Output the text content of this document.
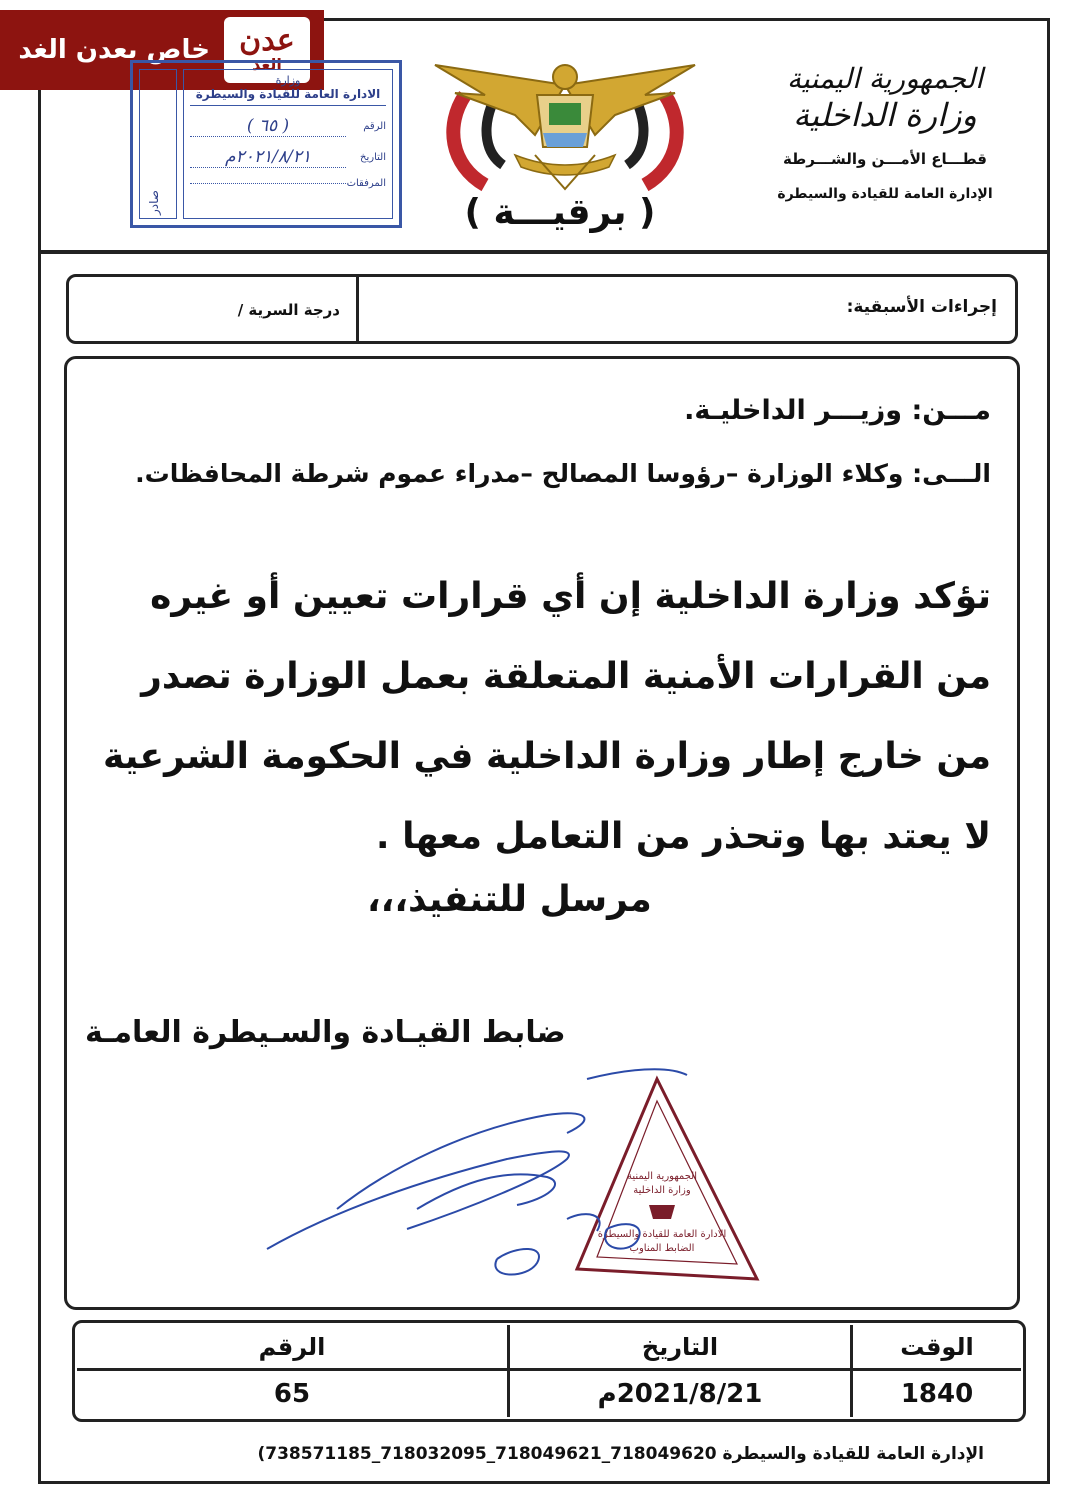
عدن
الغد
خاص بعدن الغد
الجمهورية اليمنية
وزارة الداخلية
قطـــاع الأمـــن والشـــرطة
الإدارة العامة للقيادة والسيطرة
( برقيـــة )
صادر
وزارة
الادارة العامة للقيادة والسيطرة
الرقم
( ٦٥ )
التاريخ
٢٠٢١/٨/٢١م
المرفقات
إجراءات الأسبقية:
درجة السرية /
مـــن: وزيـــر الداخليـة.
الـــى: وكلاء الوزارة –رؤوسا المصالح –مدراء عموم شرطة المحافظات.
تؤكد وزارة الداخلية إن أي قرارات تعيين أو غيره من القرارات الأمنية المتعلقة بعمل الوزارة تصدر من خارج إطار وزارة الداخلية في الحكومة الشرعية لا يعتد بها وتحذر من التعامل معها .
مرسل للتنفيذ،،،
ضابط القيـادة والسـيطرة العامـة
الجمهورية اليمنية
وزارة الداخلية
الادارة العامة للقيادة والسيطرة
الضابط المناوب
الوقت
التاريخ
الرقم
1840
2021/8/21م
65
الإدارة العامة للقيادة والسيطرة (738571185_718032095_718049621_718049620
